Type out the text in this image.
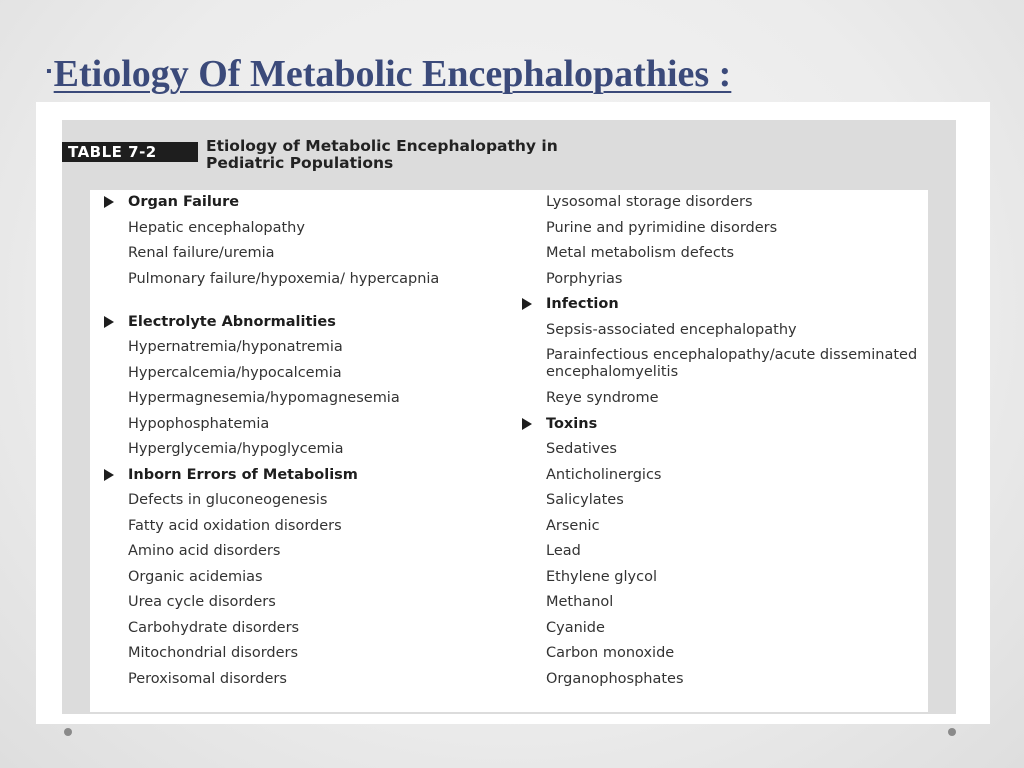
▪Etiology Of Metabolic Encephalopathies :
TABLE 7-2	Etiology of Metabolic Encephalopathy in
Pediatric Populations
Organ Failure
Hepatic encephalopathy
Renal failure/uremia
Pulmonary failure/hypoxemia/ hypercapnia
Electrolyte Abnormalities
Hypernatremia/hyponatremia
Hypercalcemia/hypocalcemia
Hypermagnesemia/hypomagnesemia
Hypophosphatemia
Hyperglycemia/hypoglycemia
Inborn Errors of Metabolism
Defects in gluconeogenesis
Fatty acid oxidation disorders
Amino acid disorders
Organic acidemias
Urea cycle disorders
Carbohydrate disorders
Mitochondrial disorders
Peroxisomal disorders
Lysosomal storage disorders
Purine and pyrimidine disorders
Metal metabolism defects
Porphyrias
Infection
Sepsis-associated encephalopathy
Parainfectious encephalopathy/acute disseminated encephalomyelitis
Reye syndrome
Toxins
Sedatives
Anticholinergics
Salicylates
Arsenic
Lead
Ethylene glycol
Methanol
Cyanide
Carbon monoxide
Organophosphates
